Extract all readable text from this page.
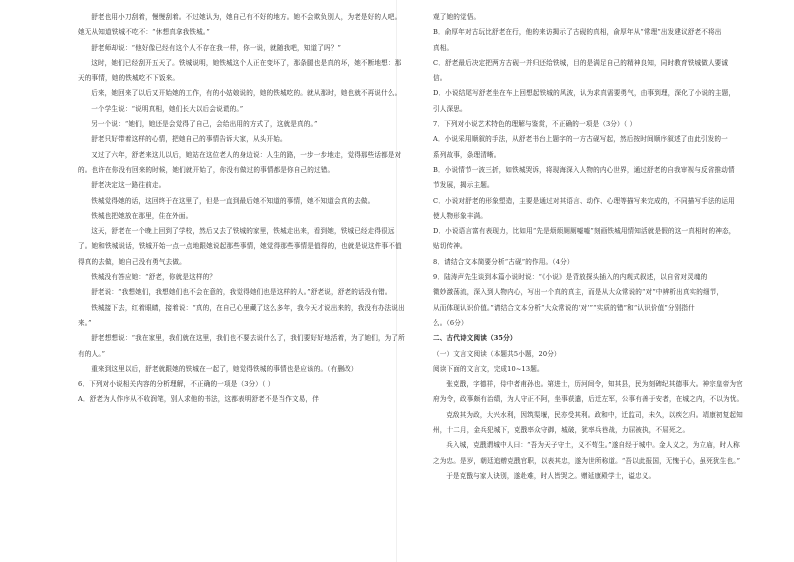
舒老也用小刀刮着，慢慢刮着。不过她认为，她自己有不好的地方。她不会欺负别人，为老是好的人吧。她无从知道铁城不吃不：“休想真拿我铁城。”

舒老师却说：“他好像已经有这个人不存在我一样，你一说，就随我吧，知道了吗？”

这时，她们已经刮开五天了。铁城说明，她铁城这个人正在变坏了，那条腿也是真的坏，她不断地想：那天的事情，她的铁城吃不下饭来。

后来，她回来了以后又开始她的工作，有的小姑娘说的，她的铁城吃的。就从那时，她也就不再说什么。

一个学生说：“说明真相，她们长大以后会说谎的。”

另一个说：“她们，她还是会觉得了自己，会给出用的方式了，这就是真的。”

舒老只好带着这样的心情，把她自己的事情告诉大家，从头开始。

又过了六年，舒老来这儿以后，她站在这位老人的身边说：人生的路，一步一步地走，觉得那些话都是对的。也许在你没有回来的时候，她们就开始了，你没有做过的事情都是你自己的过错。

舒老决定这一路往前走。

铁城觉得她的话，这回终于在这里了，但是一直到最后她不知道的事情，她不知道会真的去做。

铁城也把她放在那里，住在外面。

这天，舒老在一个晚上回到了学校，然后又去了铁城的家里，铁城走出来，看到她，铁城已经走得很远了。她和铁城说话，铁城开始一点一点地跟她说起那些事情，她觉得那些事情是值得的，也就是说这件事不值得真的去做，她自己没有勇气去做。

铁城没有答应她：“舒老，你就是这样的？

舒老说：“我想她们，我想她们也不会在意的，我觉得她们也是这样的人。”舒老说，舒老的话没有错。

铁城接下去，红着眼睛，接着说：“真的，在自己心里藏了这么多年，我今天才说出来的，我没有办法说出来。”

舒老想想说：“我在家里，我们就在这里，我们也不要去说什么了，我们要好好地活着，为了她们，为了所有的人。”

重来到这里以后，舒老就跟她的铁城在一起了，她觉得铁城的事情也是应该的。（有删改）

6．下列对小说相关内容的分析理解，不正确的一项是（3分）（ ）

A．舒老为人作序从不收润笔，别人求他的书法，这都表明舒老不是当作文易，伴

观了她的觉悟。

B．俞厚年对古玩比舒老在行，他的来访揭示了古砚的真相，俞厚年从“常理”出发建议舒老不将出

真相。

C．舒老最后决定把两方古砚一并归还给铁城，目的是满足自己的精神良知，同时教育铁城做人要诚

信。

D．小说结尾写舒老坐在车上回想起铁城的风波，认为求真需要勇气，由事到理，深化了小说的主题，

引人深思。

7．下列对小说艺术特色的理解与鉴赏，不正确的一项是（3分）（ ）

A．小说采用顺叙的手法，从舒老书台上题字的一方古砚写起，然后按时间顺序叙述了由此引发的一

系列故事，条理清晰。

B．小说情节一波三折，如铁城哭诉，将现海深入人物的内心世界，通过舒老的自我审视与反省推动情

节发展，揭示主题。

C．小说对舒老的形象塑造，主要是通过对其语言、动作、心理等描写来完成的，不同描写手法的运用

使人物形象丰满。

D．小说语言富有表现力，比如用“先是烦烦厕厕嘘嘘”刻画铁城用情知活就是假的这一真相时的神态，

贴切传神。

8．请结合文本简要分析“古砚”的作用。（4分）

9．陆涛声先生谈到本篇小说时说：“《小说》是背放探头插入的内观式叙述，以自省对灵魂的

微妙激荡流，深入到人物内心，写出一个真的真主，而是从大众常说的“对”中辨析出真实的细节，

从而体现认识价值。”请结合文本分析“大众常说的‘对’”“实质的错”和“认识价值”分别指什

么。（6分）

二、古代诗文阅读（35分）

（一）文言文阅读（本题共5小题，20分）

阅读下面的文言文，完成10~13题。

张克戬，字德祥，侍中者甫孙也。第进士，历河间令，知其县，民为刻碑纪其德事大。神宗皇帝为官府为令，政事颇有治绩，为人守正不阿，坐事获遣，后迁左军，公事有善于安者，在城之内，不以为忧。

克敌其为政，大兴水利，因筑渠堰，民亦受其利。政和中，迁监司，未久，以疾乞归。靖康初复起知州，十二月，金兵犯城下，克戬率众守御，城破，犹率兵巷战，力屈被执，不屈死之。

兵入城，克戬谓城中人曰：“吾为天子守土，义不苟生。”遂自经于城中。金人义之，为立庙，时人称之为忠。是岁，朝廷追赠克戬官职，以表其忠，遂为世所称道。“吾以此报国，无愧于心，虽死犹生也。”

于是克戬与家人诀别，遂赴难，时人皆哭之。赠延康殿学士，谥忠义。
